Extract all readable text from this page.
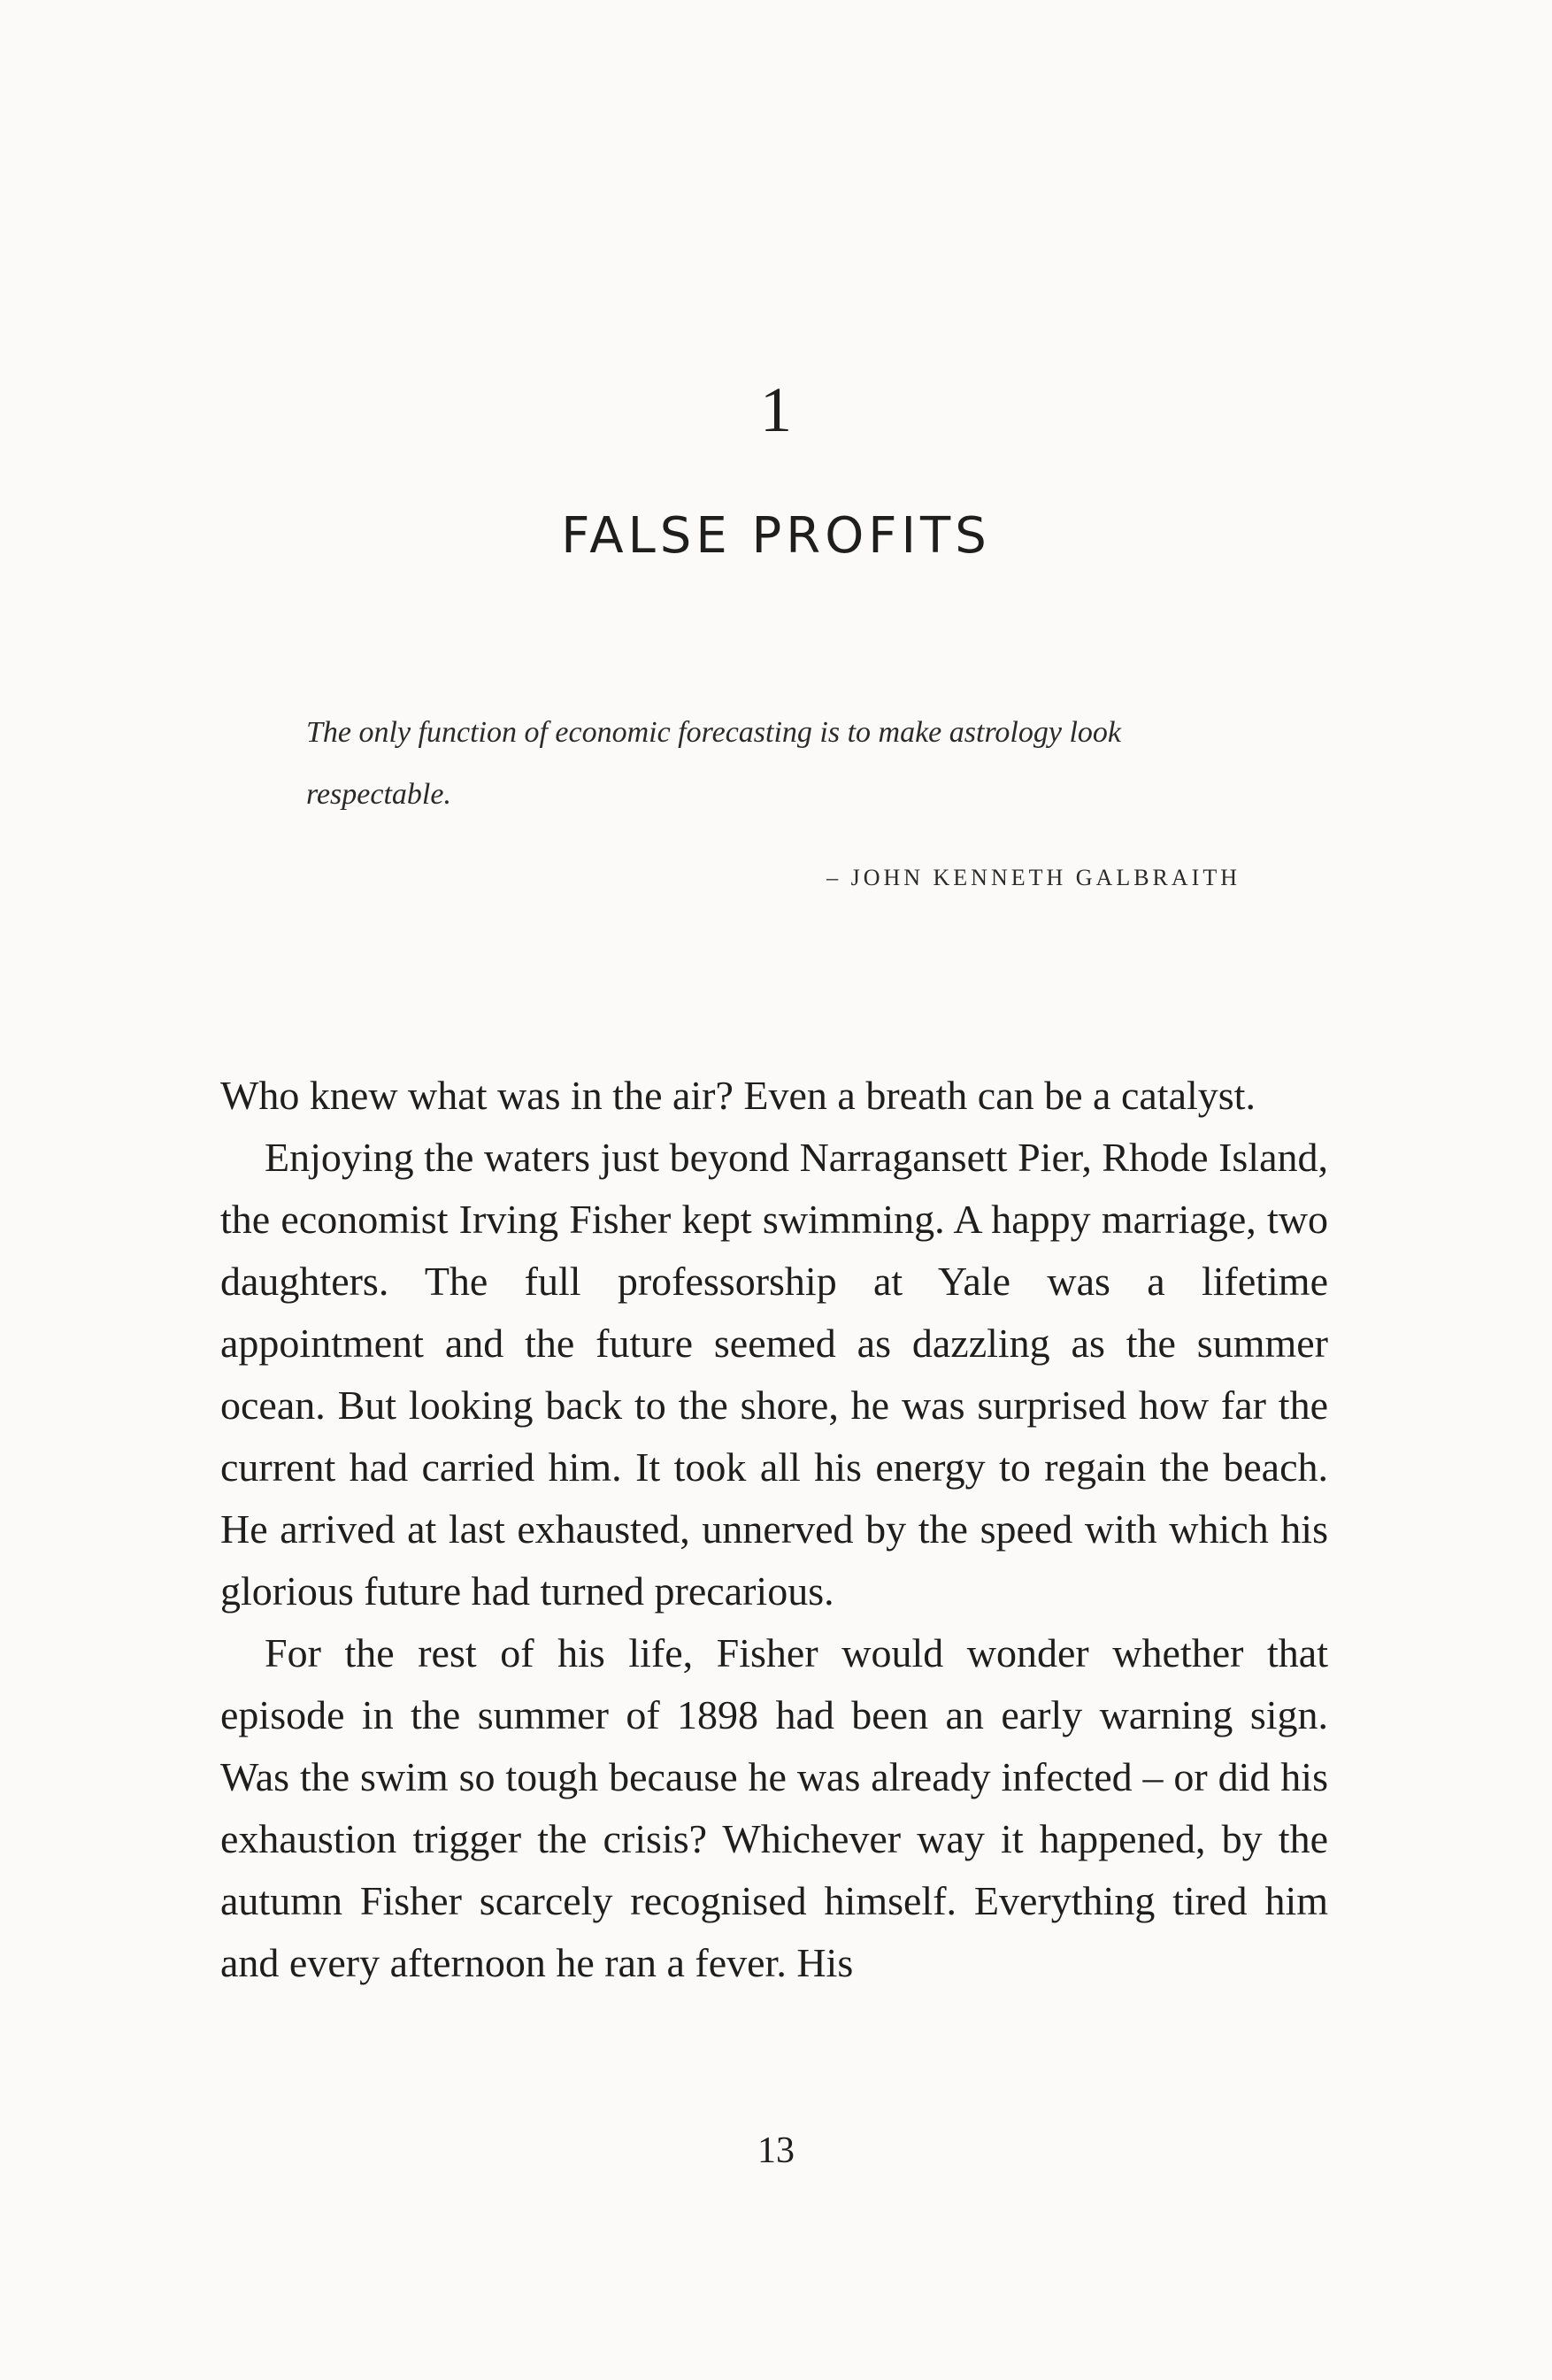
1
FALSE PROFITS
The only function of economic forecasting is to make astrology look respectable.
– JOHN KENNETH GALBRAITH

Who knew what was in the air? Even a breath can be a catalyst.

Enjoying the waters just beyond Narragansett Pier, Rhode Island, the economist Irving Fisher kept swimming. A happy marriage, two daughters. The full professorship at Yale was a lifetime appointment and the future seemed as dazzling as the summer ocean. But looking back to the shore, he was surprised how far the current had carried him. It took all his energy to regain the beach. He arrived at last exhausted, unnerved by the speed with which his glorious future had turned precarious.

For the rest of his life, Fisher would wonder whether that episode in the summer of 1898 had been an early warning sign. Was the swim so tough because he was already infected – or did his exhaustion trigger the crisis? Whichever way it happened, by the autumn Fisher scarcely recognised himself. Everything tired him and every afternoon he ran a fever. His

13
